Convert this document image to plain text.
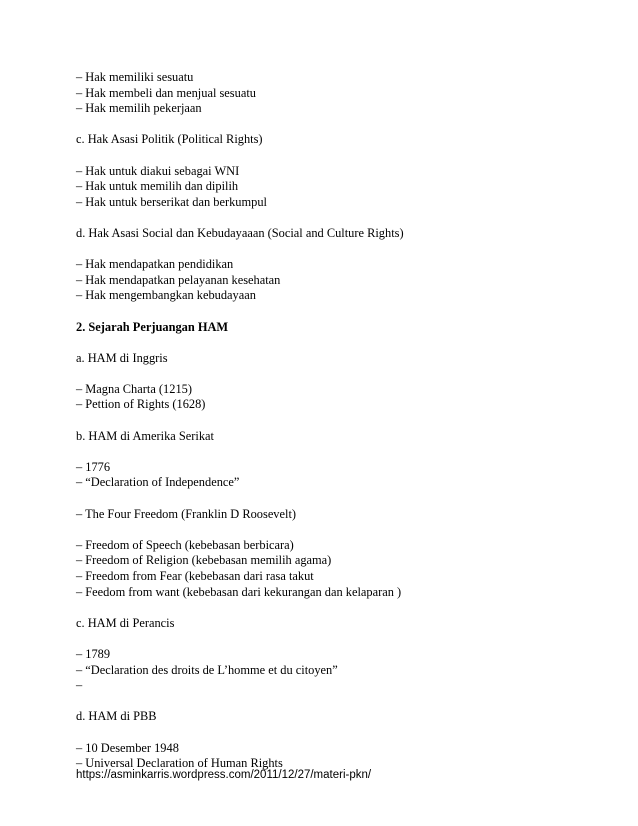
– Hak memiliki sesuatu

– Hak membeli dan menjual sesuatu

– Hak memilih pekerjaan

c. Hak Asasi Politik (Political Rights)

– Hak untuk diakui sebagai WNI

– Hak untuk memilih dan dipilih

– Hak untuk berserikat dan berkumpul

d. Hak Asasi Social dan Kebudayaaan (Social and Culture Rights)

– Hak mendapatkan pendidikan

– Hak mendapatkan pelayanan kesehatan

– Hak mengembangkan kebudayaan

2. Sejarah Perjuangan HAM

a. HAM di Inggris

– Magna Charta (1215)

– Pettion of Rights (1628)

b. HAM di Amerika Serikat

– 1776

– “Declaration of Independence”

– The Four Freedom (Franklin D Roosevelt)

– Freedom of Speech (kebebasan berbicara)

– Freedom of Religion (kebebasan memilih agama)

– Freedom from Fear (kebebasan dari rasa takut

– Feedom from want (kebebasan dari kekurangan dan kelaparan )

c. HAM di Perancis

– 1789

– “Declaration des droits de L’homme et du citoyen”

–

d. HAM di PBB

– 10 Desember 1948

– Universal Declaration of Human Rights

https://asminkarris.wordpress.com/2011/12/27/materi-pkn/
